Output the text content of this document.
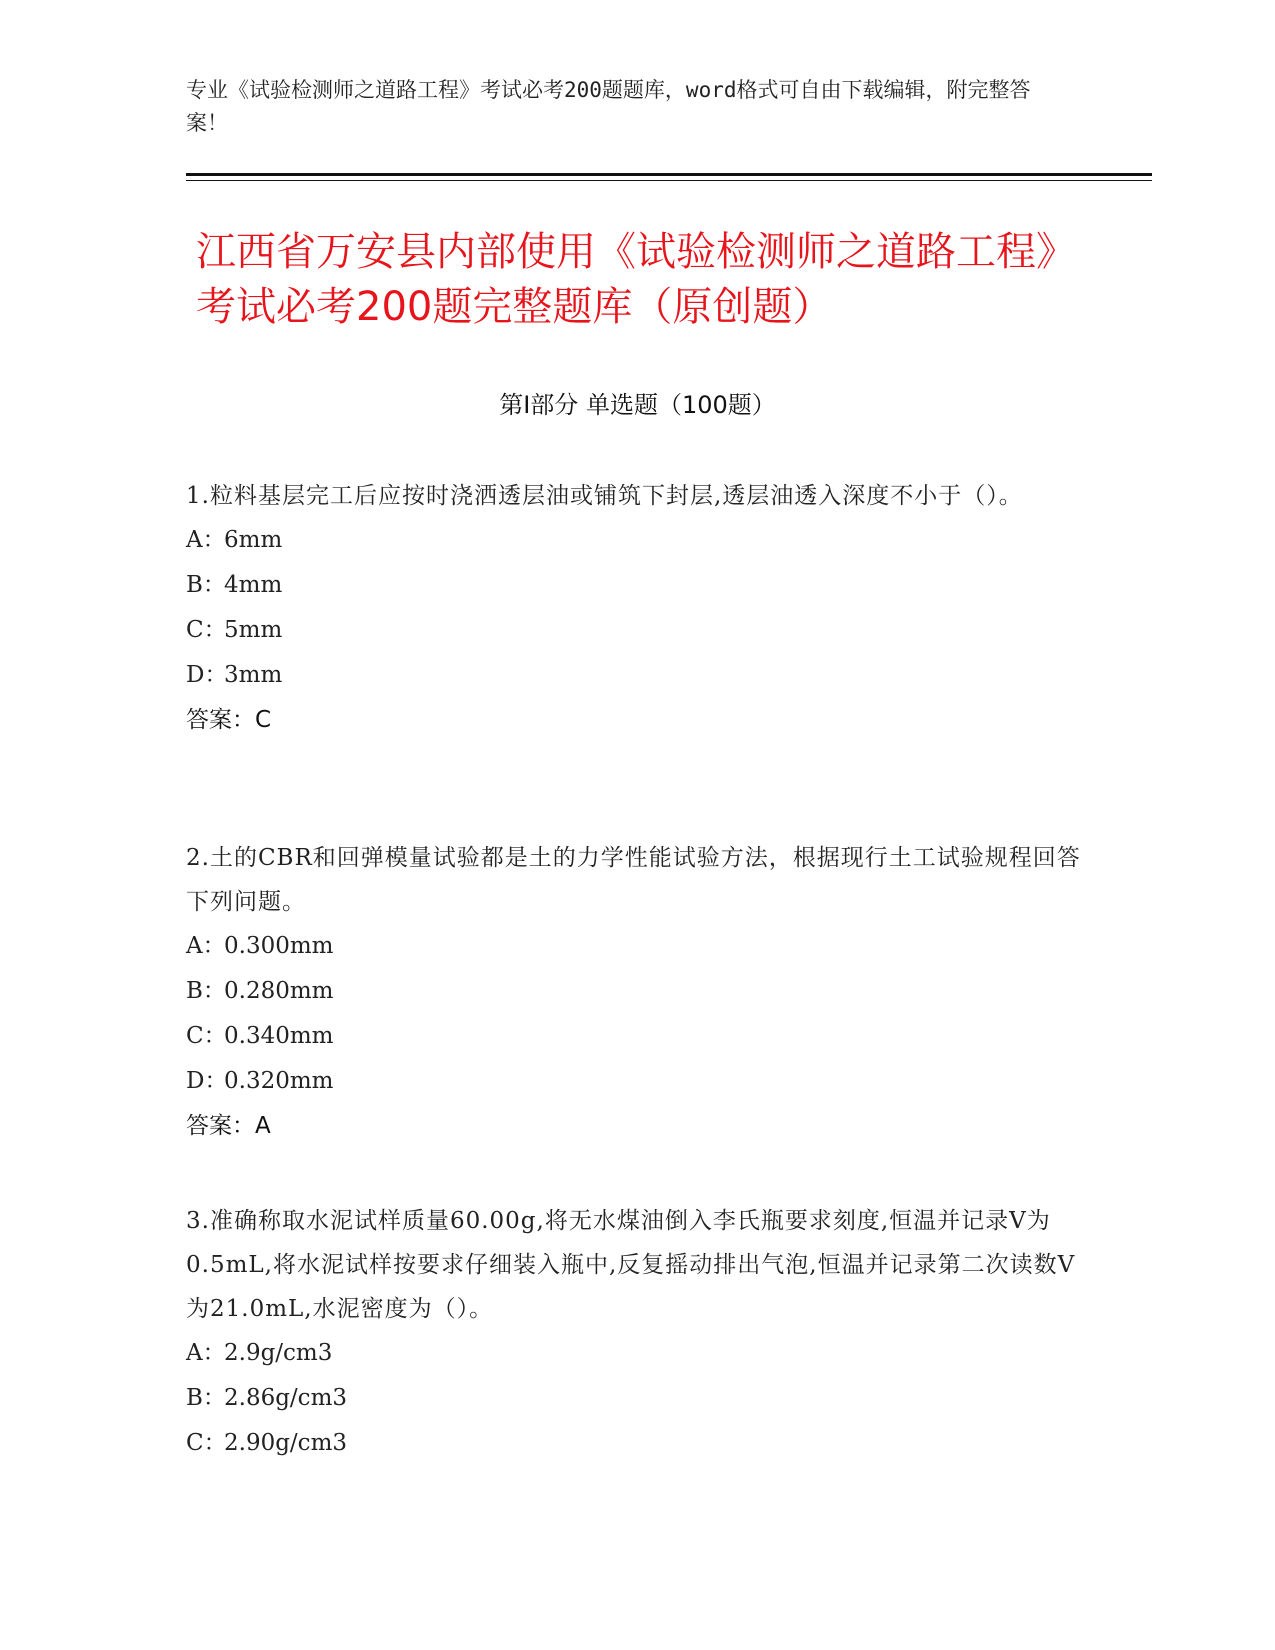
专业《试验检测师之道路工程》考试必考200题题库，word格式可自由下载编辑，附完整答案！
江西省万安县内部使用《试验检测师之道路工程》考试必考200题完整题库（原创题）
第Ⅰ部分 单选题（100题）

1.粒料基层完工后应按时浇洒透层油或铺筑下封层,透层油透入深度不小于（）。

A：6mm

B：4mm

C：5mm

D：3mm

答案：C

2.土的CBR和回弹模量试验都是土的力学性能试验方法，根据现行土工试验规程回答下列问题。

A：0.300mm

B：0.280mm

C：0.340mm

D：0.320mm

答案：A

3.准确称取水泥试样质量60.00g,将无水煤油倒入李氏瓶要求刻度,恒温并记录V为0.5mL,将水泥试样按要求仔细装入瓶中,反复摇动排出气泡,恒温并记录第二次读数V为21.0mL,水泥密度为（）。

A：2.9g/cm3

B：2.86g/cm3

C：2.90g/cm3
